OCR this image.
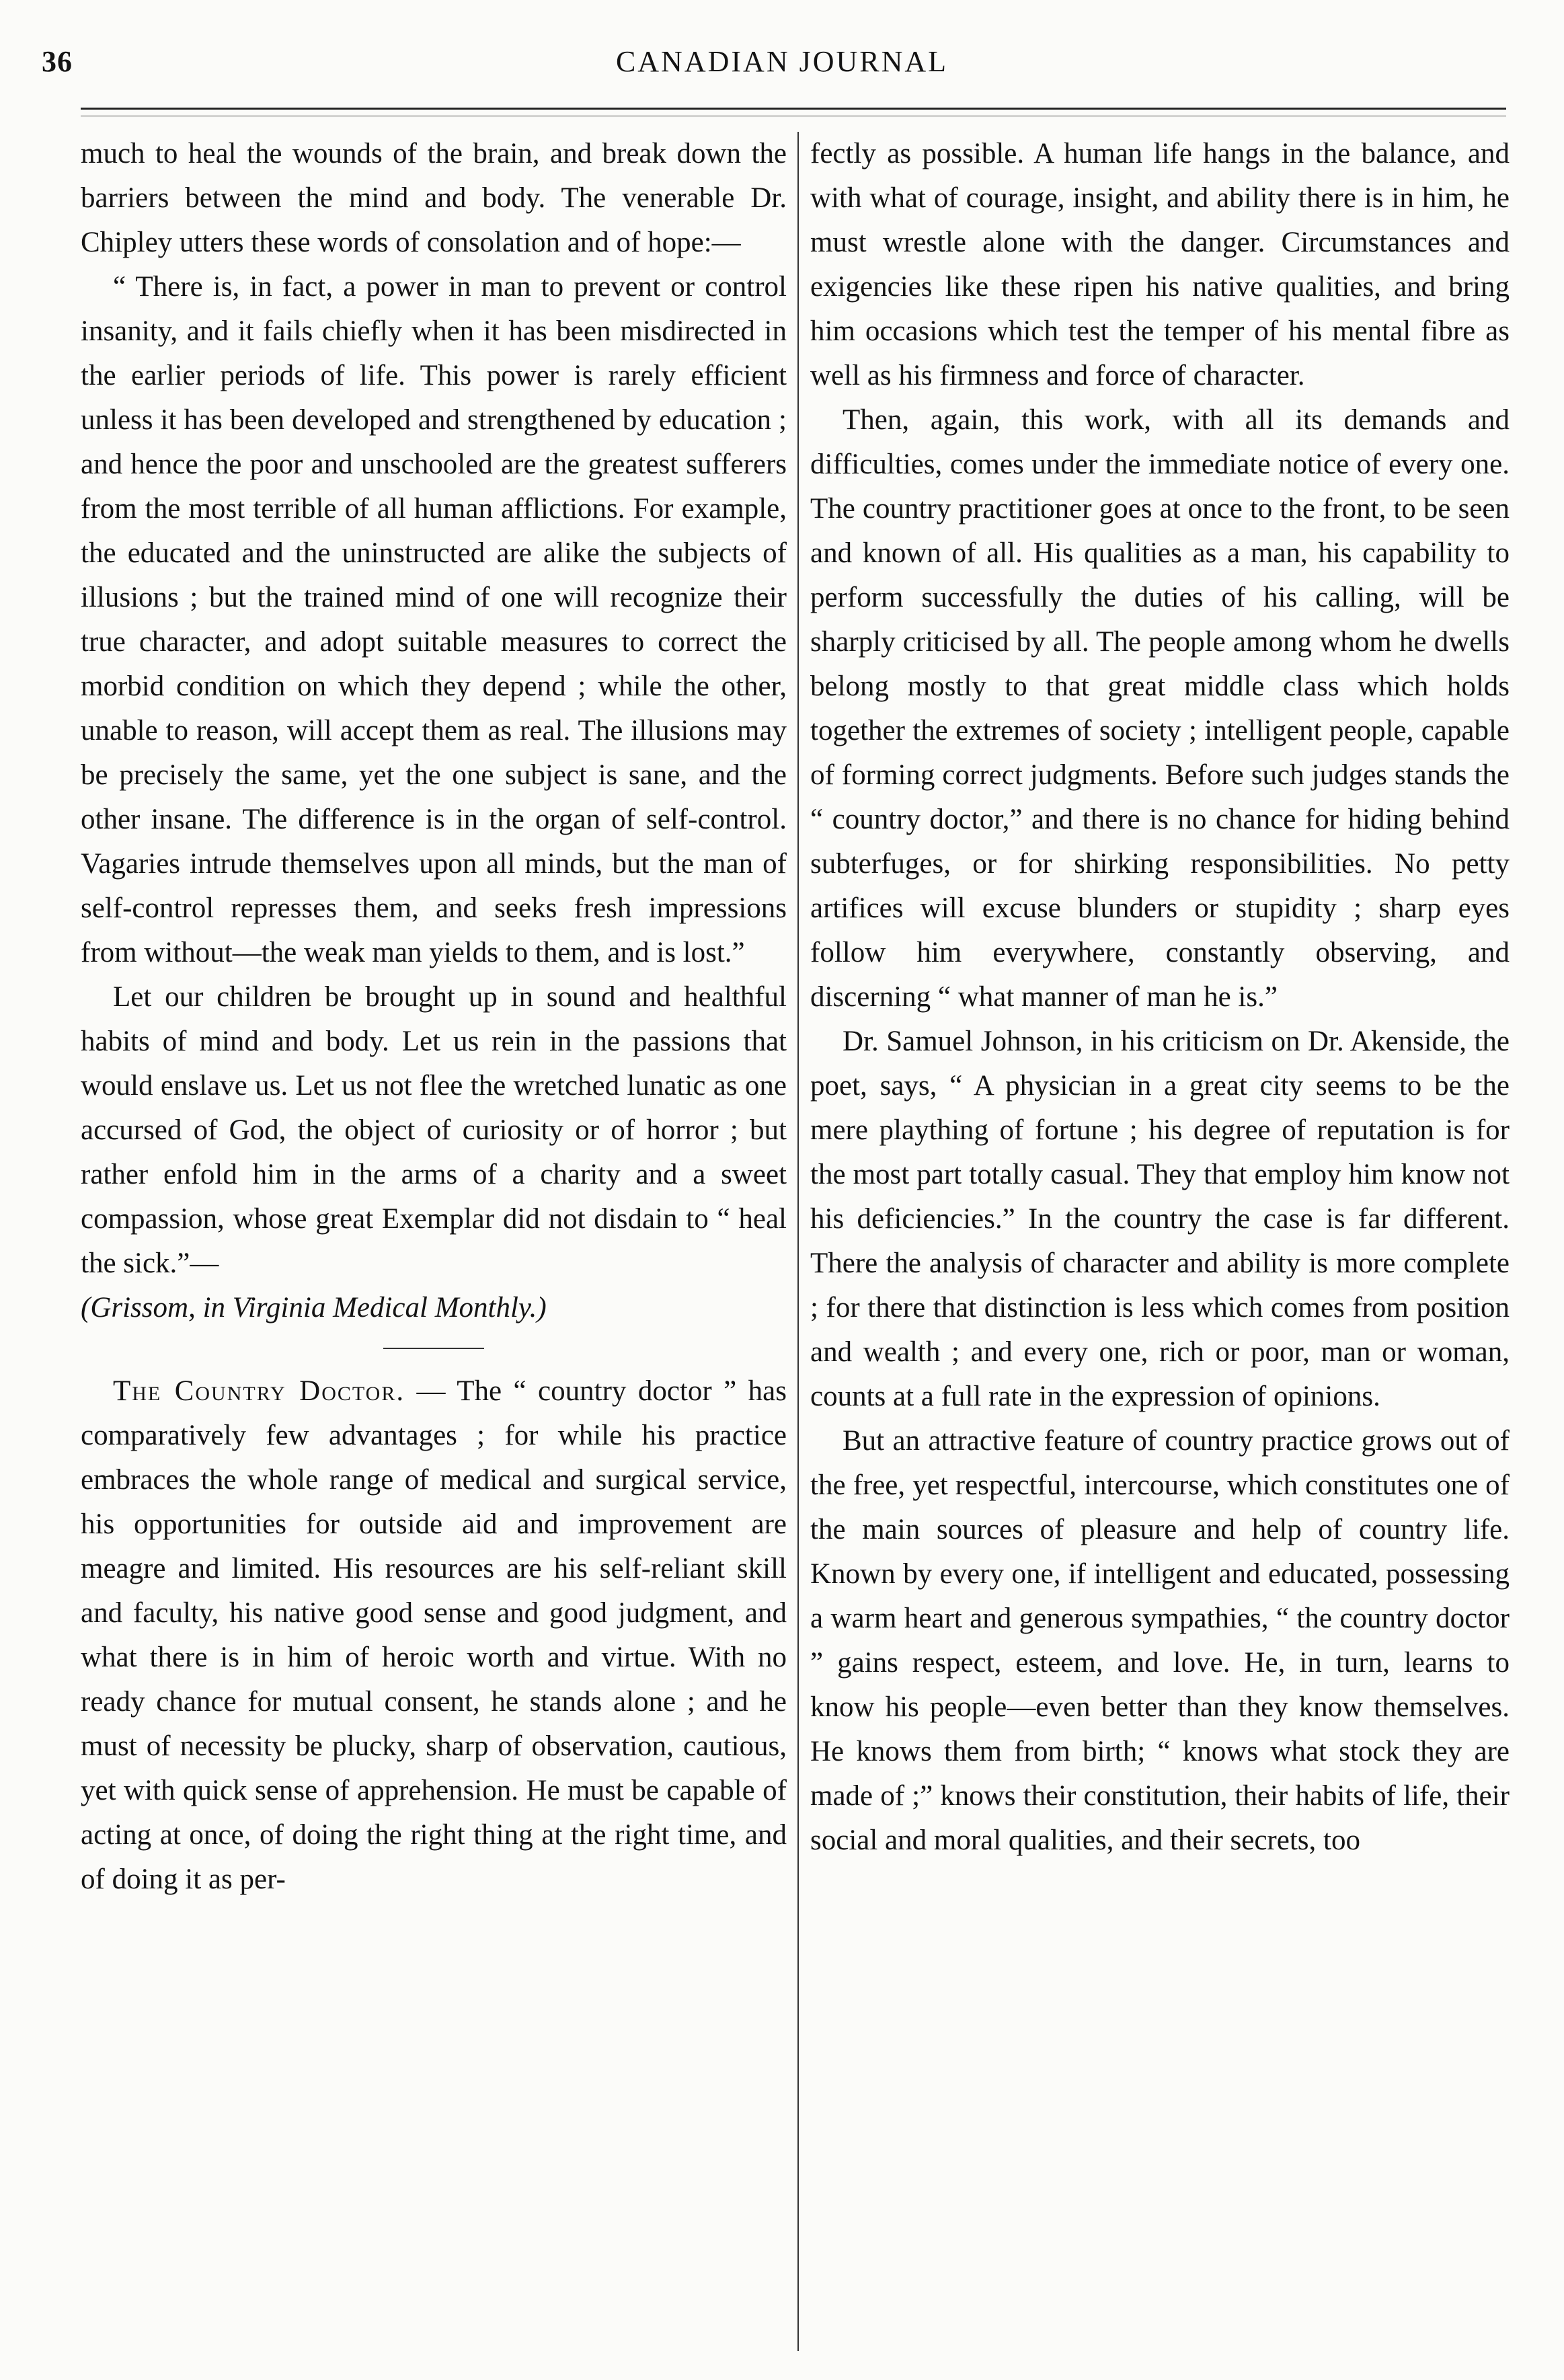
36	CANADIAN JOURNAL

much to heal the wounds of the brain, and break down the barriers between the mind and body. The venerable Dr. Chipley utters these words of consolation and of hope:—

“ There is, in fact, a power in man to prevent or control insanity, and it fails chiefly when it has been misdirected in the earlier periods of life. This power is rarely efficient unless it has been developed and strengthened by education ; and hence the poor and unschooled are the greatest sufferers from the most terrible of all human afflictions. For example, the educated and the uninstructed are alike the subjects of illusions ; but the trained mind of one will recognize their true character, and adopt suitable measures to correct the morbid condition on which they depend ; while the other, unable to reason, will accept them as real. The illusions may be precisely the same, yet the one subject is sane, and the other insane. The difference is in the organ of self-control. Vagaries intrude themselves upon all minds, but the man of self-control represses them, and seeks fresh impressions from without—the weak man yields to them, and is lost.”

Let our children be brought up in sound and healthful habits of mind and body. Let us rein in the passions that would enslave us. Let us not flee the wretched lunatic as one accursed of God, the object of curiosity or of horror ; but rather enfold him in the arms of a charity and a sweet compassion, whose great Exemplar did not disdain to “ heal the sick.”—
(Grissom, in Virginia Medical Monthly.)

The Country Doctor. — The “ country doctor ” has comparatively few advantages ; for while his practice embraces the whole range of medical and surgical service, his opportunities for outside aid and improvement are meagre and limited. His resources are his self-reliant skill and faculty, his native good sense and good judgment, and what there is in him of heroic worth and virtue. With no ready chance for mutual consent, he stands alone ; and he must of necessity be plucky, sharp of observation, cautious, yet with quick sense of apprehension. He must be capable of acting at once, of doing the right thing at the right time, and of doing it as per-

fectly as possible. A human life hangs in the balance, and with what of courage, insight, and ability there is in him, he must wrestle alone with the danger. Circumstances and exigencies like these ripen his native qualities, and bring him occasions which test the temper of his mental fibre as well as his firmness and force of character.

Then, again, this work, with all its demands and difficulties, comes under the immediate notice of every one. The country practitioner goes at once to the front, to be seen and known of all. His qualities as a man, his capability to perform successfully the duties of his calling, will be sharply criticised by all. The people among whom he dwells belong mostly to that great middle class which holds together the extremes of society ; intelligent people, capable of forming correct judgments. Before such judges stands the “ country doctor,” and there is no chance for hiding behind subterfuges, or for shirking responsibilities. No petty artifices will excuse blunders or stupidity ; sharp eyes follow him everywhere, constantly observing, and discerning “ what manner of man he is.”

Dr. Samuel Johnson, in his criticism on Dr. Akenside, the poet, says, “ A physician in a great city seems to be the mere plaything of fortune ; his degree of reputation is for the most part totally casual. They that employ him know not his deficiencies.” In the country the case is far different. There the analysis of character and ability is more complete ; for there that distinction is less which comes from position and wealth ; and every one, rich or poor, man or woman, counts at a full rate in the expression of opinions.

But an attractive feature of country practice grows out of the free, yet respectful, intercourse, which constitutes one of the main sources of pleasure and help of country life. Known by every one, if intelligent and educated, possessing a warm heart and generous sympathies, “ the country doctor ” gains respect, esteem, and love. He, in turn, learns to know his people—even better than they know themselves. He knows them from birth; “ knows what stock they are made of ;” knows their constitution, their habits of life, their social and moral qualities, and their secrets, too
